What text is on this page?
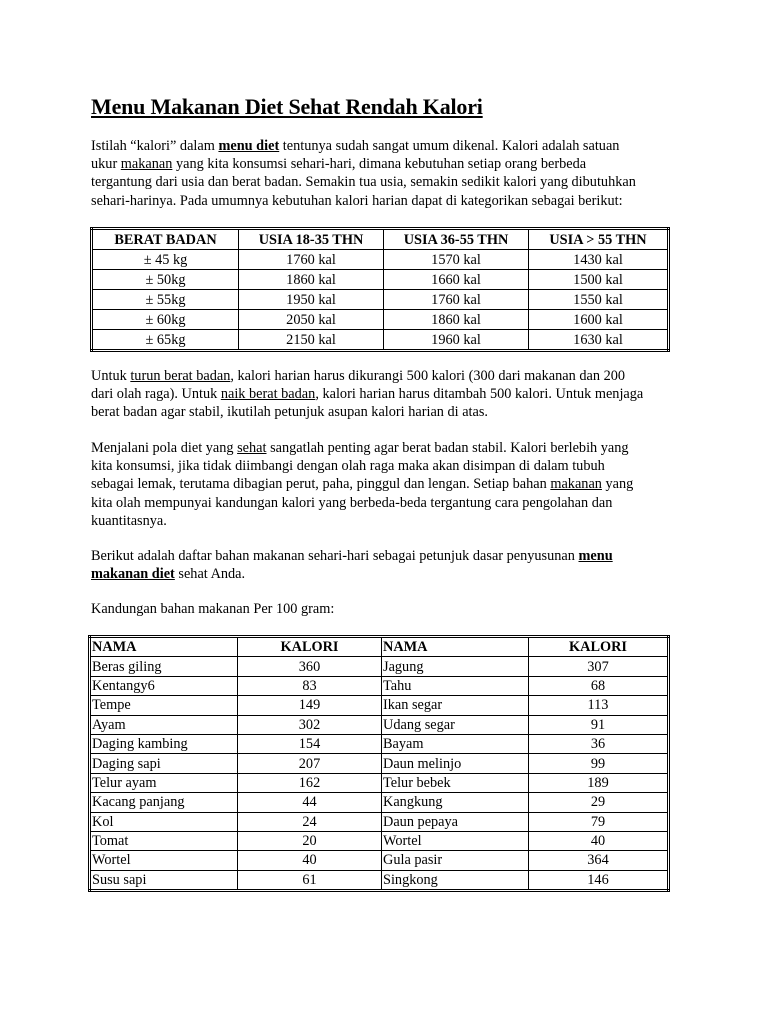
Menu Makanan Diet Sehat Rendah Kalori

Istilah “kalori” dalam menu diet tentunya sudah sangat umum dikenal. Kalori adalah satuan
ukur makanan yang kita konsumsi sehari-hari, dimana kebutuhan setiap orang berbeda
tergantung dari usia dan berat badan. Semakin tua usia, semakin sedikit kalori yang dibutuhkan
sehari-harinya. Pada umumnya kebutuhan kalori harian dapat di kategorikan sebagai berikut:

BERAT BADAN	USIA 18-35 THN	USIA 36-55 THN	USIA > 55 THN
± 45 kg	1760 kal	1570 kal	1430 kal
± 50kg	1860 kal	1660 kal	1500 kal
± 55kg	1950 kal	1760 kal	1550 kal
± 60kg	2050 kal	1860 kal	1600 kal
± 65kg	2150 kal	1960 kal	1630 kal

Untuk turun berat badan, kalori harian harus dikurangi 500 kalori (300 dari makanan dan 200
dari olah raga). Untuk naik berat badan, kalori harian harus ditambah 500 kalori. Untuk menjaga
berat badan agar stabil, ikutilah petunjuk asupan kalori harian di atas.

Menjalani pola diet yang sehat sangatlah penting agar berat badan stabil. Kalori berlebih yang
kita konsumsi, jika tidak diimbangi dengan olah raga maka akan disimpan di dalam tubuh
sebagai lemak, terutama dibagian perut, paha, pinggul dan lengan. Setiap bahan makanan yang
kita olah mempunyai kandungan kalori yang berbeda-beda tergantung cara pengolahan dan
kuantitasnya.

Berikut adalah daftar bahan makanan sehari-hari sebagai petunjuk dasar penyusunan menu
makanan diet sehat Anda.

Kandungan bahan makanan Per 100 gram:

NAMA	KALORI	NAMA	KALORI
Beras giling	360	Jagung	307
Kentangy6	83	Tahu	68
Tempe	149	Ikan segar	113
Ayam	302	Udang segar	91
Daging kambing	154	Bayam	36
Daging sapi	207	Daun melinjo	99
Telur ayam	162	Telur bebek	189
Kacang panjang	44	Kangkung	29
Kol	24	Daun pepaya	79
Tomat	20	Wortel	40
Wortel	40	Gula pasir	364
Susu sapi	61	Singkong	146
